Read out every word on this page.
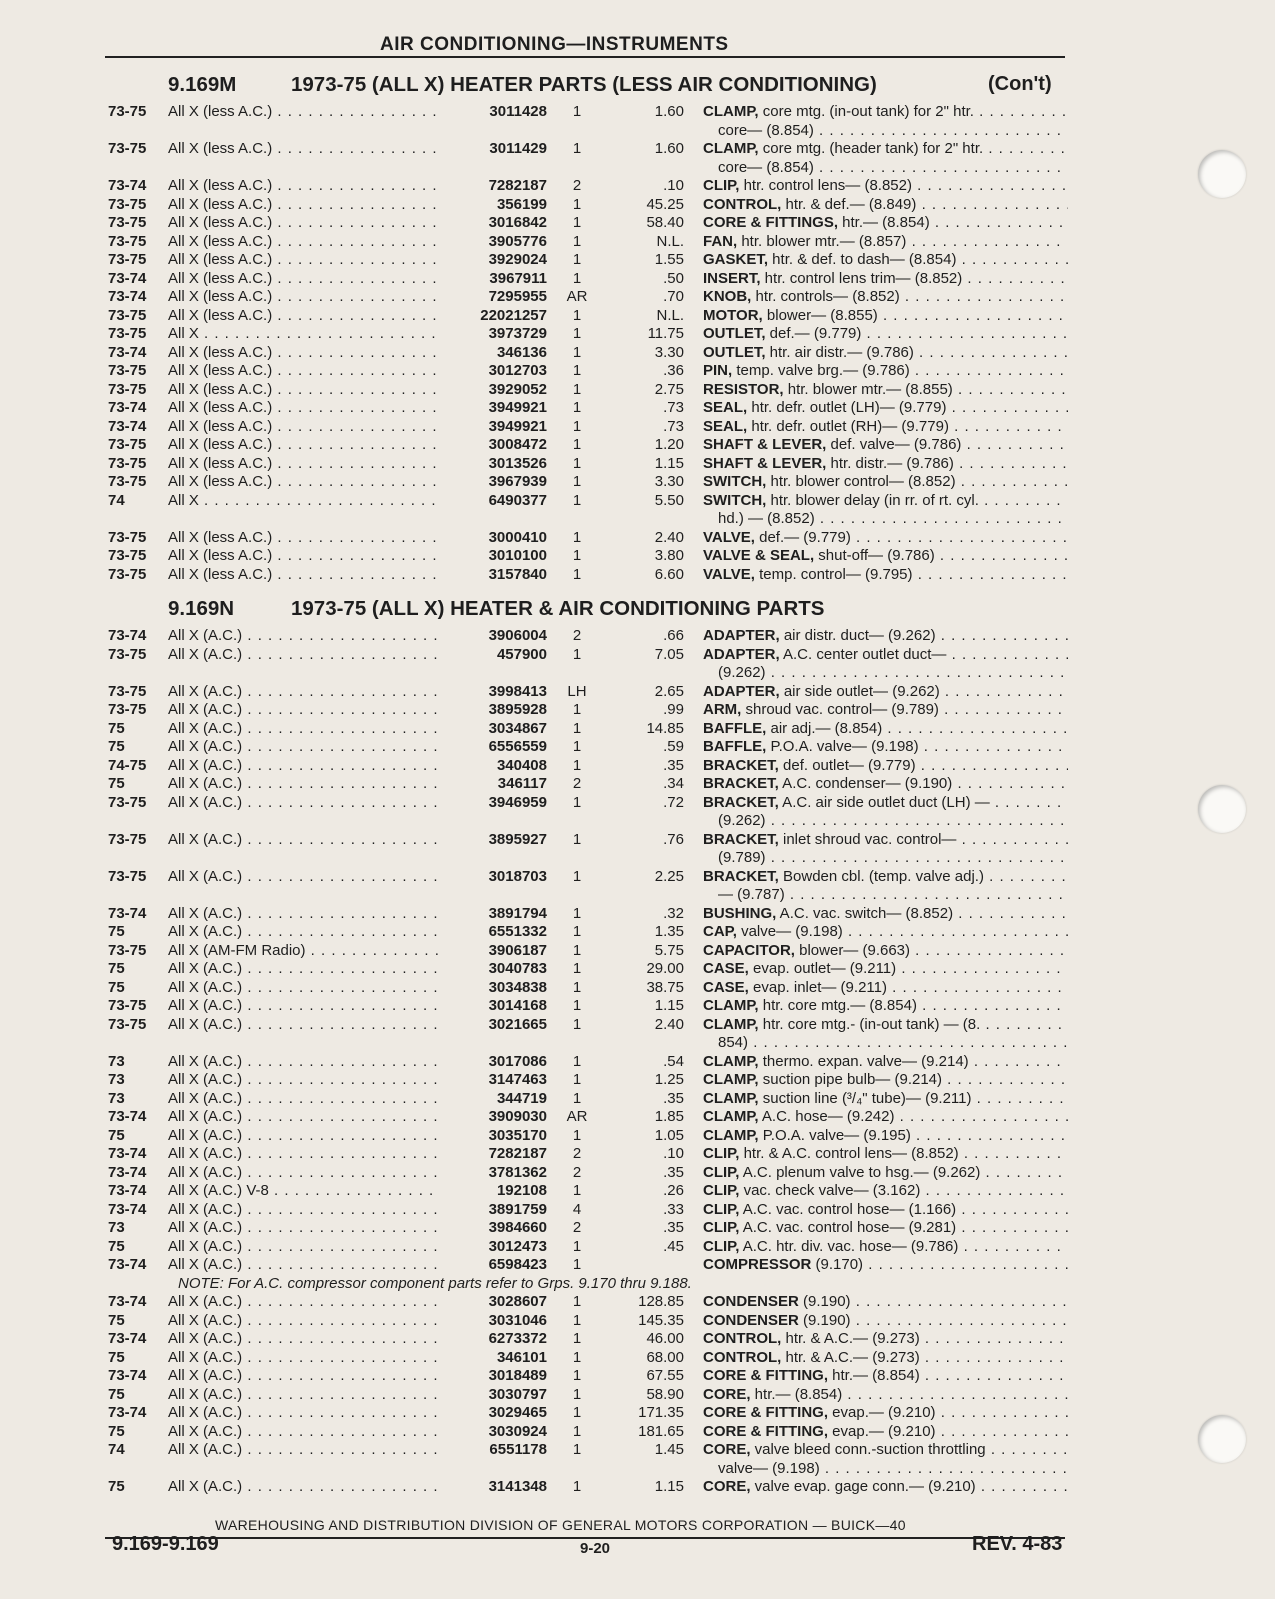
AIR CONDITIONING—INSTRUMENTS
9.169M	1973-75 (ALL X) HEATER PARTS (LESS AIR CONDITIONING)	(Con't)
73-75 All X (less A.C.) . . .	3011428	1	1.60 CLAMP, core mtg. (in-out tank) for 2" htr. . . .
core— (8.854) . . .
73-75 All X (less A.C.) . . .	3011429	1	1.60 CLAMP, core mtg. (header tank) for 2" htr. . . .
core— (8.854) . . .
73-74 All X (less A.C.) . . .	7282187	2	.10 CLIP, htr. control lens— (8.852) . . .
73-75 All X (less A.C.) . . .	356199	1	45.25 CONTROL, htr. & def.— (8.849) . . .
73-75 All X (less A.C.) . . .	3016842	1	58.40 CORE & FITTINGS, htr.— (8.854) . . .
73-75 All X (less A.C.) . . .	3905776	1	N.L. FAN, htr. blower mtr.— (8.857) . . .
73-75 All X (less A.C.) . . .	3929024	1	1.55 GASKET, htr. & def. to dash— (8.854) . . .
73-74 All X (less A.C.) . . .	3967911	1	.50 INSERT, htr. control lens trim— (8.852) . . .
73-74 All X (less A.C.) . . .	7295955	AR	.70 KNOB, htr. controls— (8.852) . . .
73-75 All X (less A.C.) . . .	22021257	1	N.L. MOTOR, blower— (8.855) . . .
73-75 All X . . .	3973729	1	11.75 OUTLET, def.— (9.779) . . .
73-74 All X (less A.C.) . . .	346136	1	3.30 OUTLET, htr. air distr.— (9.786) . . .
73-75 All X (less A.C.) . . .	3012703	1	.36 PIN, temp. valve brg.— (9.786) . . .
73-75 All X (less A.C.) . . .	3929052	1	2.75 RESISTOR, htr. blower mtr.— (8.855) . . .
73-74 All X (less A.C.) . . .	3949921	1	.73 SEAL, htr. defr. outlet (LH)— (9.779) . . .
73-74 All X (less A.C.) . . .	3949921	1	.73 SEAL, htr. defr. outlet (RH)— (9.779) . . .
73-75 All X (less A.C.) . . .	3008472	1	1.20 SHAFT & LEVER, def. valve— (9.786) . . .
73-75 All X (less A.C.) . . .	3013526	1	1.15 SHAFT & LEVER, htr. distr.— (9.786) . . .
73-75 All X (less A.C.) . . .	3967939	1	3.30 SWITCH, htr. blower control— (8.852) . . .
74	All X . . .	6490377	1	5.50 SWITCH, htr. blower delay (in rr. of rt. cyl. . . .
hd.) — (8.852) . . .
73-75 All X (less A.C.) . . .	3000410	1	2.40 VALVE, def.— (9.779) . . .
73-75 All X (less A.C.) . . .	3010100	1	3.80 VALVE & SEAL, shut-off— (9.786) . . .
73-75 All X (less A.C.) . . .	3157840	1	6.60 VALVE, temp. control— (9.795) . . .
9.169N	1973-75 (ALL X) HEATER & AIR CONDITIONING PARTS
73-74 All X (A.C.) . . .	3906004	2	.66 ADAPTER, air distr. duct— (9.262) . . .
73-75 All X (A.C.) . . .	457900	1	7.05 ADAPTER, A.C. center outlet duct— . . .
(9.262) . . .
73-75 All X (A.C.) . . .	3998413	LH	2.65 ADAPTER, air side outlet— (9.262) . . .
73-75 All X (A.C.) . . .	3895928	1	.99 ARM, shroud vac. control— (9.789) . . .
75	All X (A.C.) . . .	3034867	1	14.85 BAFFLE, air adj.— (8.854) . . .
75	All X (A.C.) . . .	6556559	1	.59 BAFFLE, P.O.A. valve— (9.198) . . .
74-75 All X (A.C.) . . .	340408	1	.35 BRACKET, def. outlet— (9.779) . . .
75	All X (A.C.) . . .	346117	2	.34 BRACKET, A.C. condenser— (9.190) . . .
73-75 All X (A.C.) . . .	3946959	1	.72 BRACKET, A.C. air side outlet duct (LH) — . . .
(9.262) . . .
73-75 All X (A.C.) . . .	3895927	1	.76 BRACKET, inlet shroud vac. control— . . .
(9.789) . . .
73-75 All X (A.C.) . . .	3018703	1	2.25 BRACKET, Bowden cbl. (temp. valve adj.) . . .
— (9.787) . . .
73-74 All X (A.C.) . . .	3891794	1	.32 BUSHING, A.C. vac. switch— (8.852) . . .
75	All X (A.C.) . . .	6551332	1	1.35 CAP, valve— (9.198) . . .
73-75 All X (AM-FM Radio) . . .	3906187	1	5.75 CAPACITOR, blower— (9.663) . . .
75	All X (A.C.) . . .	3040783	1	29.00 CASE, evap. outlet— (9.211) . . .
75	All X (A.C.) . . .	3034838	1	38.75 CASE, evap. inlet— (9.211) . . .
73-75 All X (A.C.) . . .	3014168	1	1.15 CLAMP, htr. core mtg.— (8.854) . . .
73-75 All X (A.C.) . . .	3021665	1	2.40 CLAMP, htr. core mtg.- (in-out tank) — (8. . . .
854) . . .
73	All X (A.C.) . . .	3017086	1	.54 CLAMP, thermo. expan. valve— (9.214) . . .
73	All X (A.C.) . . .	3147463	1	1.25 CLAMP, suction pipe bulb— (9.214) . . .
73	All X (A.C.) . . .	344719	1	.35 CLAMP, suction line (³/₄" tube)— (9.211) . . .
73-74 All X (A.C.) . . .	3909030	AR	1.85 CLAMP, A.C. hose— (9.242) . . .
75	All X (A.C.) . . .	3035170	1	1.05 CLAMP, P.O.A. valve— (9.195) . . .
73-74 All X (A.C.) . . .	7282187	2	.10 CLIP, htr. & A.C. control lens— (8.852) . . .
73-74 All X (A.C.) . . .	3781362	2	.35 CLIP, A.C. plenum valve to hsg.— (9.262) . . .
73-74 All X (A.C.) V-8 . . .	192108	1	.26 CLIP, vac. check valve— (3.162) . . .
73-74 All X (A.C.) . . .	3891759	4	.33 CLIP, A.C. vac. control hose— (1.166) . . .
73	All X (A.C.) . . .	3984660	2	.35 CLIP, A.C. vac. control hose— (9.281) . . .
75	All X (A.C.) . . .	3012473	1	.45 CLIP, A.C. htr. div. vac. hose— (9.786) . . .
73-74 All X (A.C.) . . .	6598423	1	COMPRESSOR (9.170) . . .
NOTE: For A.C. compressor component parts refer to Grps. 9.170 thru 9.188.
73-74 All X (A.C.) . . .	3028607	1	128.85 CONDENSER (9.190) . . .
75	All X (A.C.) . . .	3031046	1	145.35 CONDENSER (9.190) . . .
73-74 All X (A.C.) . . .	6273372	1	46.00 CONTROL, htr. & A.C.— (9.273) . . .
75	All X (A.C.) . . .	346101	1	68.00 CONTROL, htr. & A.C.— (9.273) . . .
73-74 All X (A.C.) . . .	3018489	1	67.55 CORE & FITTING, htr.— (8.854) . . .
75	All X (A.C.) . . .	3030797	1	58.90 CORE, htr.— (8.854) . . .
73-74 All X (A.C.) . . .	3029465	1	171.35 CORE & FITTING, evap.— (9.210) . . .
75	All X (A.C.) . . .	3030924	1	181.65 CORE & FITTING, evap.— (9.210) . . .
74	All X (A.C.) . . .	6551178	1	1.45 CORE, valve bleed conn.-suction throttling . . .
valve— (9.198) . . .
75	All X (A.C.) . . .	3141348	1	1.15 CORE, valve evap. gage conn.— (9.210) . . .
WAREHOUSING AND DISTRIBUTION DIVISION OF GENERAL MOTORS CORPORATION — BUICK—40
9.169-9.169	9-20	REV. 4-83
